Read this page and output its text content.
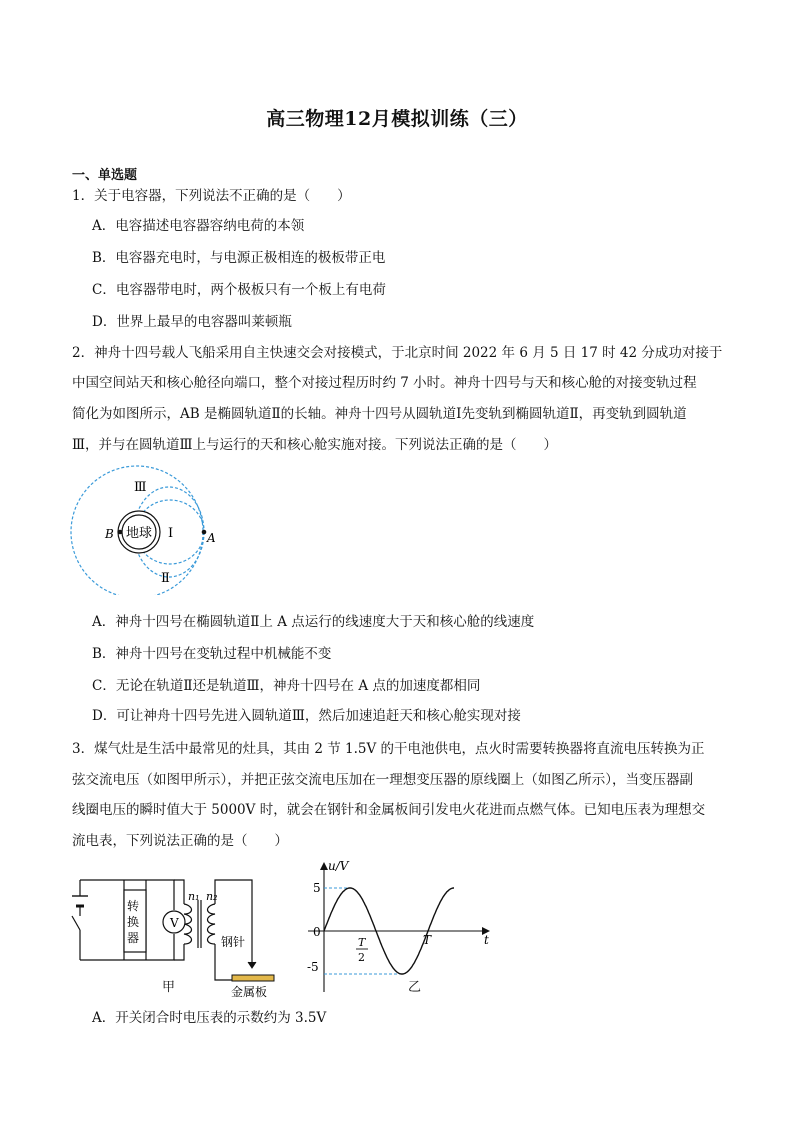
高三物理12月模拟训练（三）
一、单选题
1．关于电容器，下列说法不正确的是（　　）
A．电容描述电容器容纳电荷的本领
B．电容器充电时，与电源正极相连的极板带正电
C．电容器带电时，两个极板只有一个板上有电荷
D．世界上最早的电容器叫莱顿瓶
2．神舟十四号载人飞船采用自主快速交会对接模式，于北京时间 2022 年 6 月 5 日 17 时 42 分成功对接于
中国空间站天和核心舱径向端口，整个对接过程历时约 7 小时。神舟十四号与天和核心舱的对接变轨过程
简化为如图所示，AB 是椭圆轨道Ⅱ的长轴。神舟十四号从圆轨道Ⅰ先变轨到椭圆轨道Ⅱ，再变轨到圆轨道
Ⅲ，并与在圆轨道Ⅲ上与运行的天和核心舱实施对接。下列说法正确的是（　　）
Ⅲ
Ⅰ
Ⅱ
地球
B	A
A．神舟十四号在椭圆轨道Ⅱ上 A 点运行的线速度大于天和核心舱的线速度
B．神舟十四号在变轨过程中机械能不变
C．无论在轨道Ⅱ还是轨道Ⅲ，神舟十四号在 A 点的加速度都相同
D．可让神舟十四号先进入圆轨道Ⅲ，然后加速追赶天和核心舱实现对接
3．煤气灶是生活中最常见的灶具，其由 2 节 1.5V 的干电池供电，点火时需要转换器将直流电压转换为正
弦交流电压（如图甲所示），并把正弦交流电压加在一理想变压器的原线圈上（如图乙所示），当变压器副
线圈电压的瞬时值大于 5000V 时，就会在钢针和金属板间引发电火花进而点燃气体。已知电压表为理想交
流电表，下列说法正确的是（　　）
转
换
器
V
n₁ n₂
钢针
金属板
甲
u/V
t
0
5
-5
T
2
T
乙
A．开关闭合时电压表的示数约为 3.5V
